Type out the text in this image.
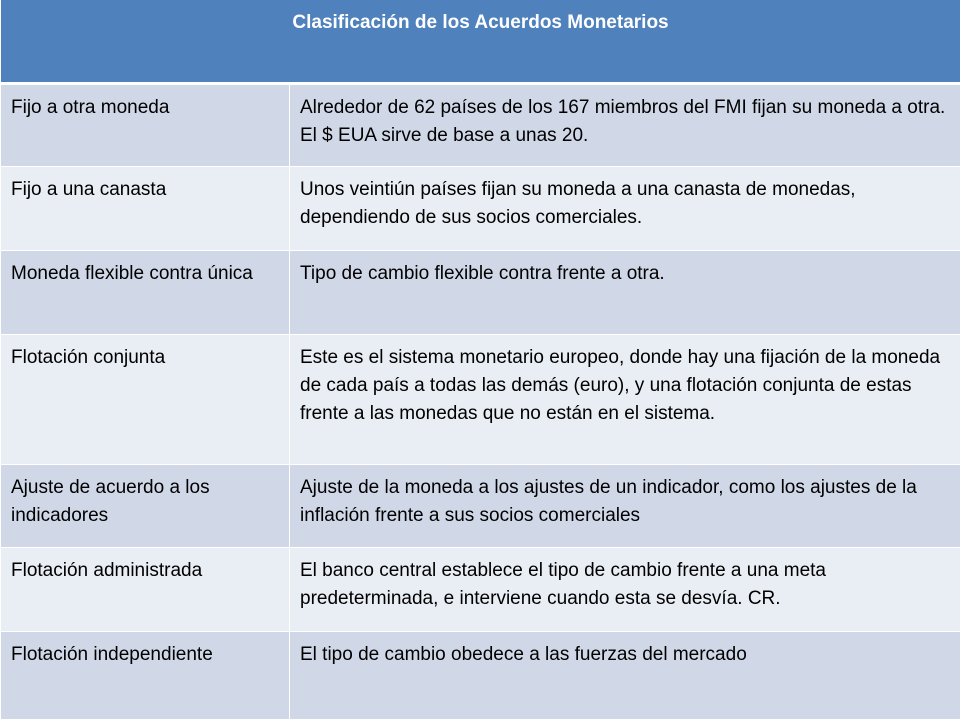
Clasificación de los Acuerdos Monetarios	
Fijo a otra moneda	Alrededor de 62 países de los 167 miembros del FMI fijan su moneda a otra. El $ EUA sirve de base a unas 20.
Fijo a una canasta	Unos veintiún países fijan su moneda a una canasta de monedas, dependiendo de sus socios comerciales.
Moneda flexible contra única	Tipo de cambio flexible contra frente a otra.
Flotación conjunta	Este es el sistema monetario europeo, donde hay una fijación de la moneda de cada país a todas las demás (euro), y una flotación conjunta de estas frente a las monedas que no están en el sistema.
Ajuste de acuerdo a los indicadores	Ajuste de la moneda a los ajustes de un indicador, como los ajustes de la inflación frente a sus socios comerciales
Flotación administrada	El banco central establece el tipo de cambio frente a una meta predeterminada, e interviene cuando esta se desvía. CR.
Flotación independiente	El tipo de cambio obedece a las fuerzas del mercado
